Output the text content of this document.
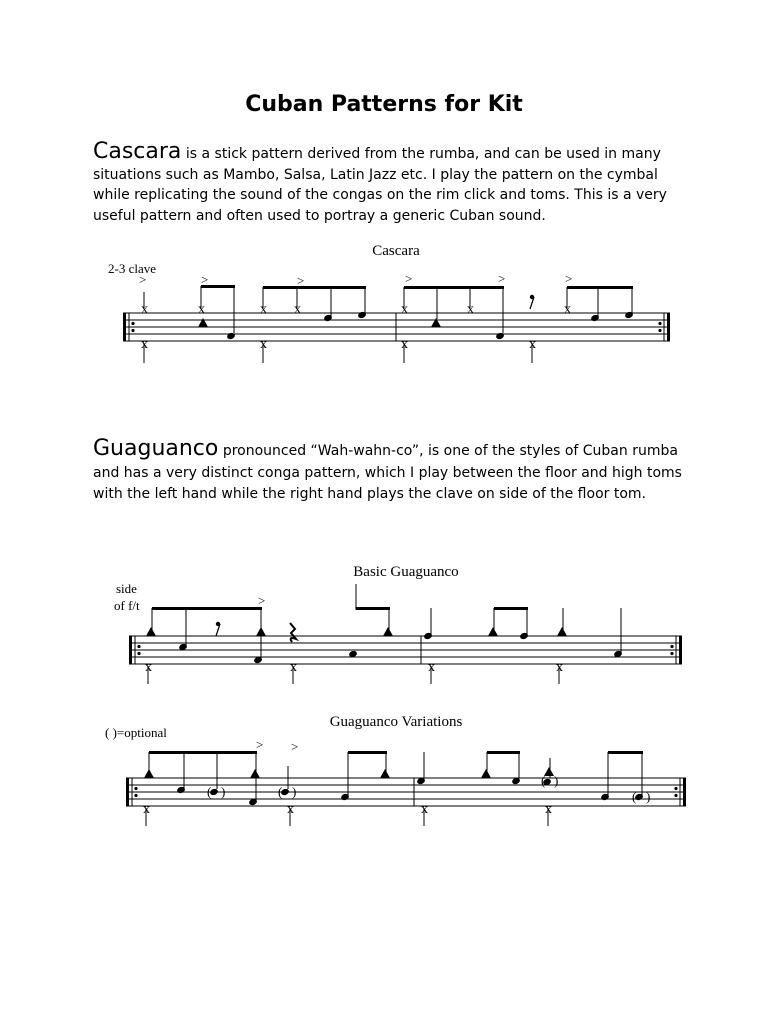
Cuban Patterns for Kit

Cascara is a stick pattern derived from the rumba, and can be used in many situations such as Mambo, Salsa, Latin Jazz etc. I play the pattern on the cymbal while replicating the sound of the congas on the rim click and toms. This is a very useful pattern and often used to portray a generic Cuban sound.

Cascara
2-3 clave
x	x	x x	x	x	x
>	>	>	>	>	>
x	x	x	x

Guaguanco pronounced “Wah-wahn-co”, is one of the styles of Cuban rumba and has a very distinct conga pattern, which I play between the floor and high toms with the left hand while the right hand plays the clave on side of the floor tom.

Basic Guaguanco
side
of f/t	>
x	x	x	x
Guaguanco Variations
( )=optional
( )	( )
( )
( )
> >
x	x	x	x
